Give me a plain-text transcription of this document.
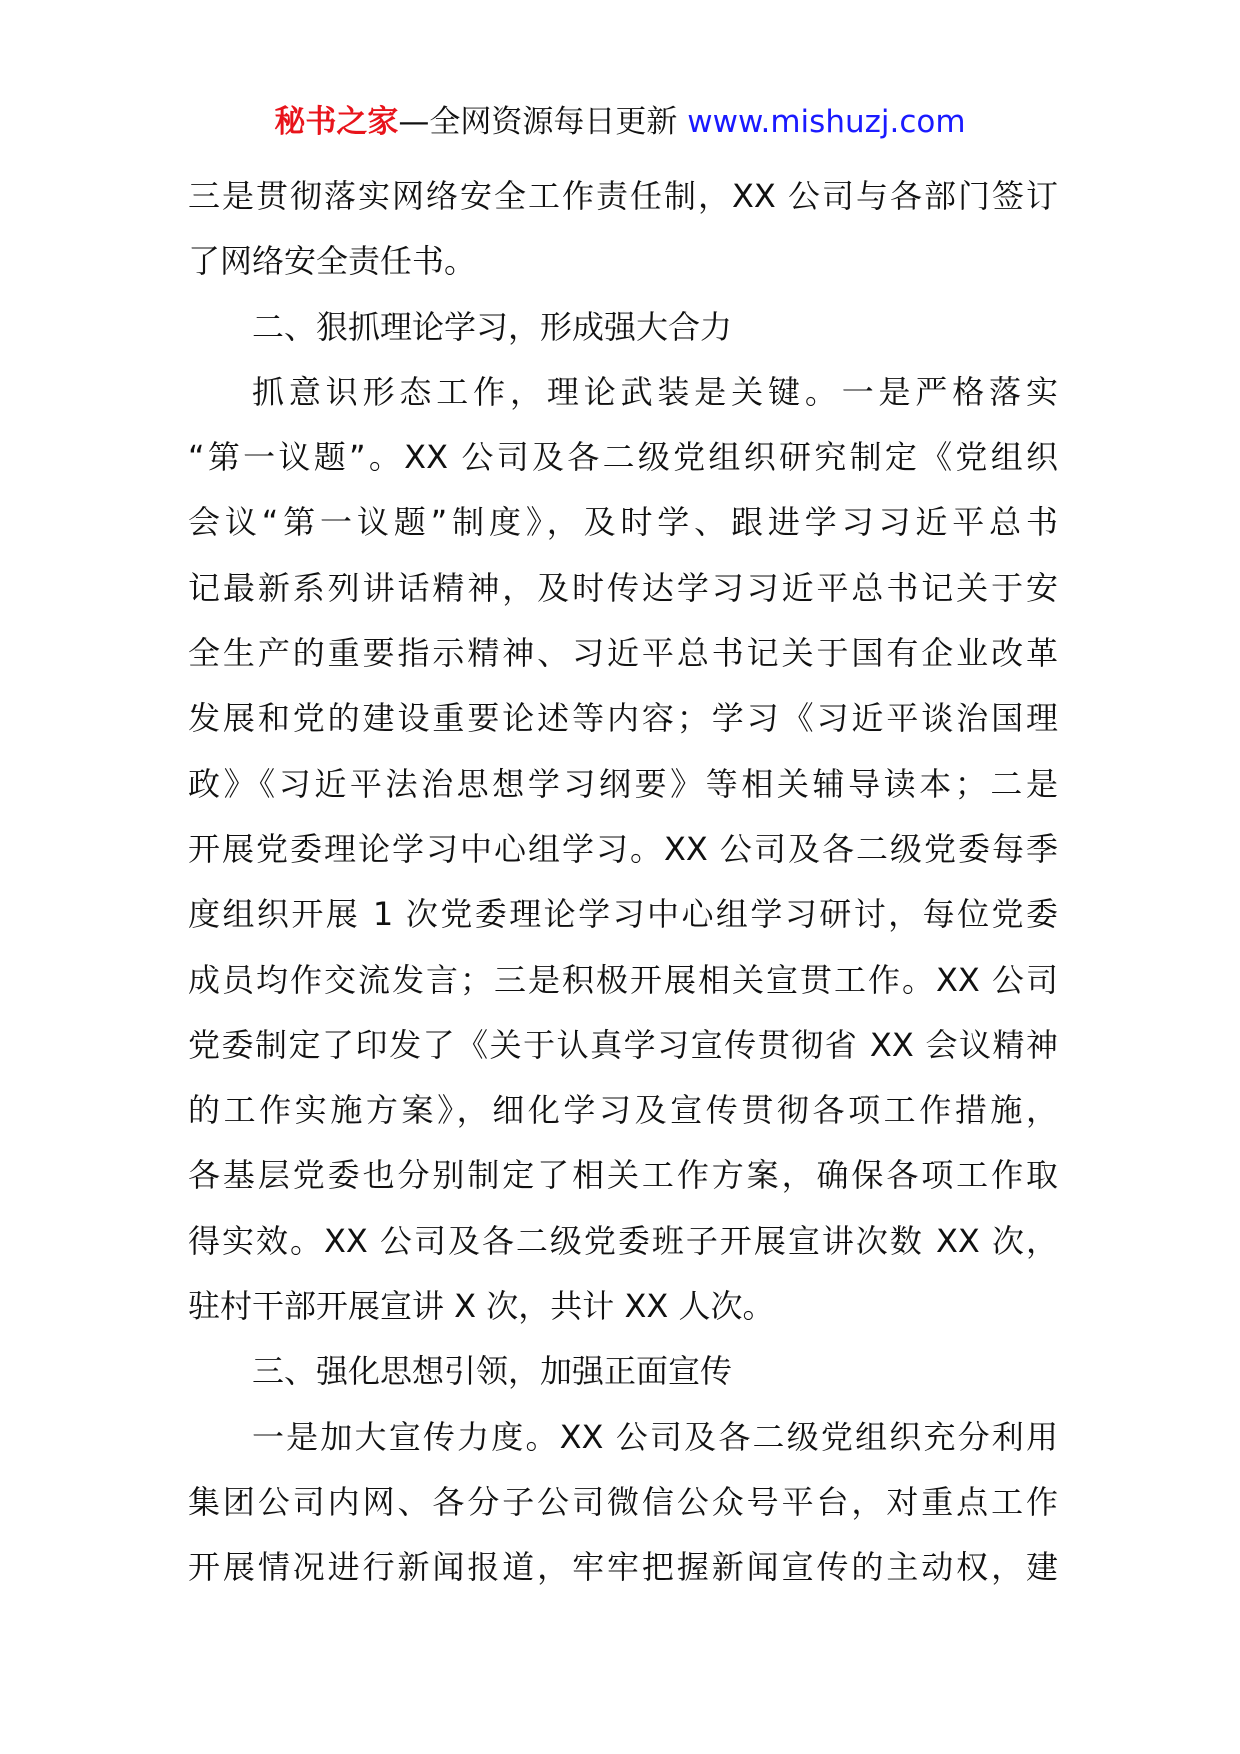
秘书之家—全网资源每日更新 www.mishuzj.com
三是贯彻落实网络安全工作责任制，XX 公司与各部门签订
了网络安全责任书。
二、狠抓理论学习，形成强大合力
抓意识形态工作，理论武装是关键。一是严格落实
“第一议题”。XX 公司及各二级党组织研究制定《党组织
会议“第一议题”制度》，及时学、跟进学习习近平总书
记最新系列讲话精神，及时传达学习习近平总书记关于安
全生产的重要指示精神、习近平总书记关于国有企业改革
发展和党的建设重要论述等内容；学习《习近平谈治国理
政》《习近平法治思想学习纲要》等相关辅导读本；二是
开展党委理论学习中心组学习。XX 公司及各二级党委每季
度组织开展 1 次党委理论学习中心组学习研讨，每位党委
成员均作交流发言；三是积极开展相关宣贯工作。XX 公司
党委制定了印发了《关于认真学习宣传贯彻省 XX 会议精神
的工作实施方案》，细化学习及宣传贯彻各项工作措施，
各基层党委也分别制定了相关工作方案，确保各项工作取
得实效。XX 公司及各二级党委班子开展宣讲次数 XX 次，
驻村干部开展宣讲 X 次，共计 XX 人次。
三、强化思想引领，加强正面宣传
一是加大宣传力度。XX 公司及各二级党组织充分利用
集团公司内网、各分子公司微信公众号平台，对重点工作
开展情况进行新闻报道，牢牢把握新闻宣传的主动权，建
